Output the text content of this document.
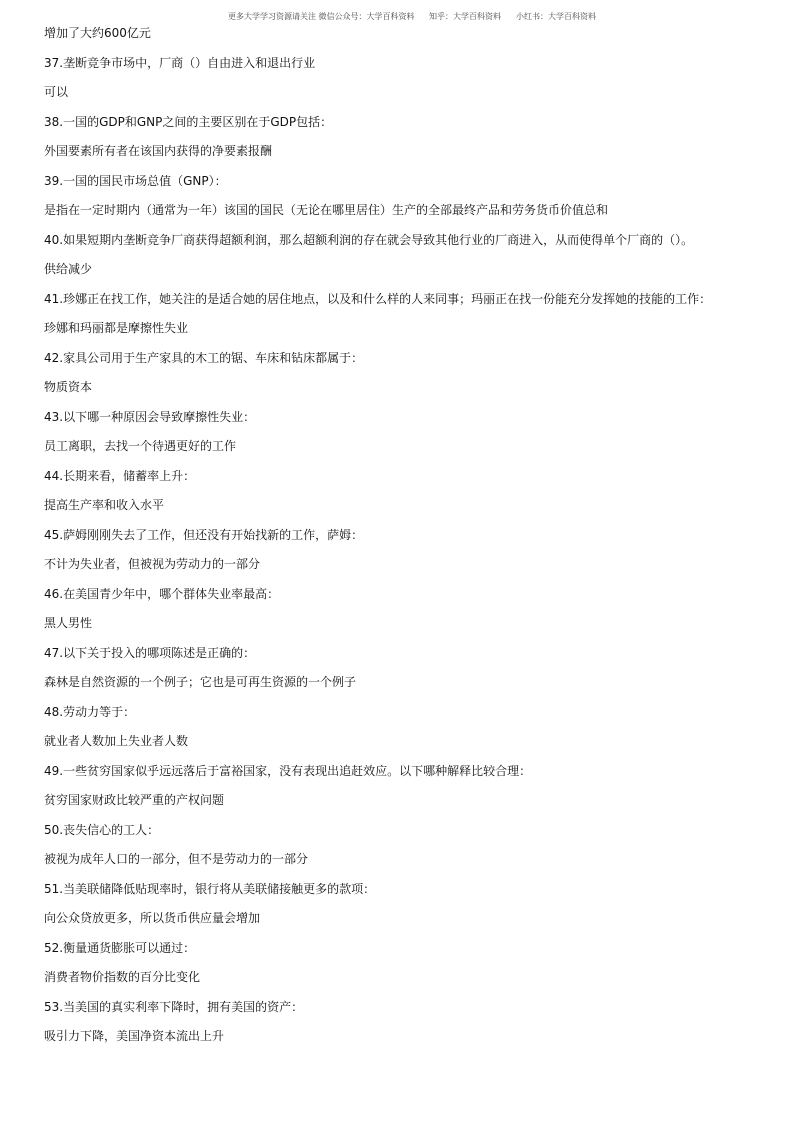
更多大学学习资源请关注 微信公众号：大学百科资料 知乎：大学百科资料 小红书：大学百科资料

增加了大约600亿元

37.垄断竞争市场中，厂商（）自由进入和退出行业

可以

38.一国的GDP和GNP之间的主要区别在于GDP包括：

外国要素所有者在该国内获得的净要素报酬

39.一国的国民市场总值（GNP）：

是指在一定时期内（通常为一年）该国的国民（无论在哪里居住）生产的全部最终产品和劳务货币价值总和

40.如果短期内垄断竞争厂商获得超额利润，那么超额利润的存在就会导致其他行业的厂商进入，从而使得单个厂商的（）。

供给减少

41.珍娜正在找工作，她关注的是适合她的居住地点，以及和什么样的人来同事；玛丽正在找一份能充分发挥她的技能的工作：

珍娜和玛丽都是摩擦性失业

42.家具公司用于生产家具的木工的锯、车床和钻床都属于：

物质资本

43.以下哪一种原因会导致摩擦性失业：

员工离职，去找一个待遇更好的工作

44.长期来看，储蓄率上升：

提高生产率和收入水平

45.萨姆刚刚失去了工作，但还没有开始找新的工作，萨姆：

不计为失业者，但被视为劳动力的一部分

46.在美国青少年中，哪个群体失业率最高：

黑人男性

47.以下关于投入的哪项陈述是正确的：

森林是自然资源的一个例子；它也是可再生资源的一个例子

48.劳动力等于：

就业者人数加上失业者人数

49.一些贫穷国家似乎远远落后于富裕国家，没有表现出追赶效应。以下哪种解释比较合理：

贫穷国家财政比较严重的产权问题

50.丧失信心的工人：

被视为成年人口的一部分，但不是劳动力的一部分

51.当美联储降低贴现率时，银行将从美联储接触更多的款项：

向公众贷放更多，所以货币供应量会增加

52.衡量通货膨胀可以通过：

消费者物价指数的百分比变化

53.当美国的真实利率下降时，拥有美国的资产：

吸引力下降，美国净资本流出上升
